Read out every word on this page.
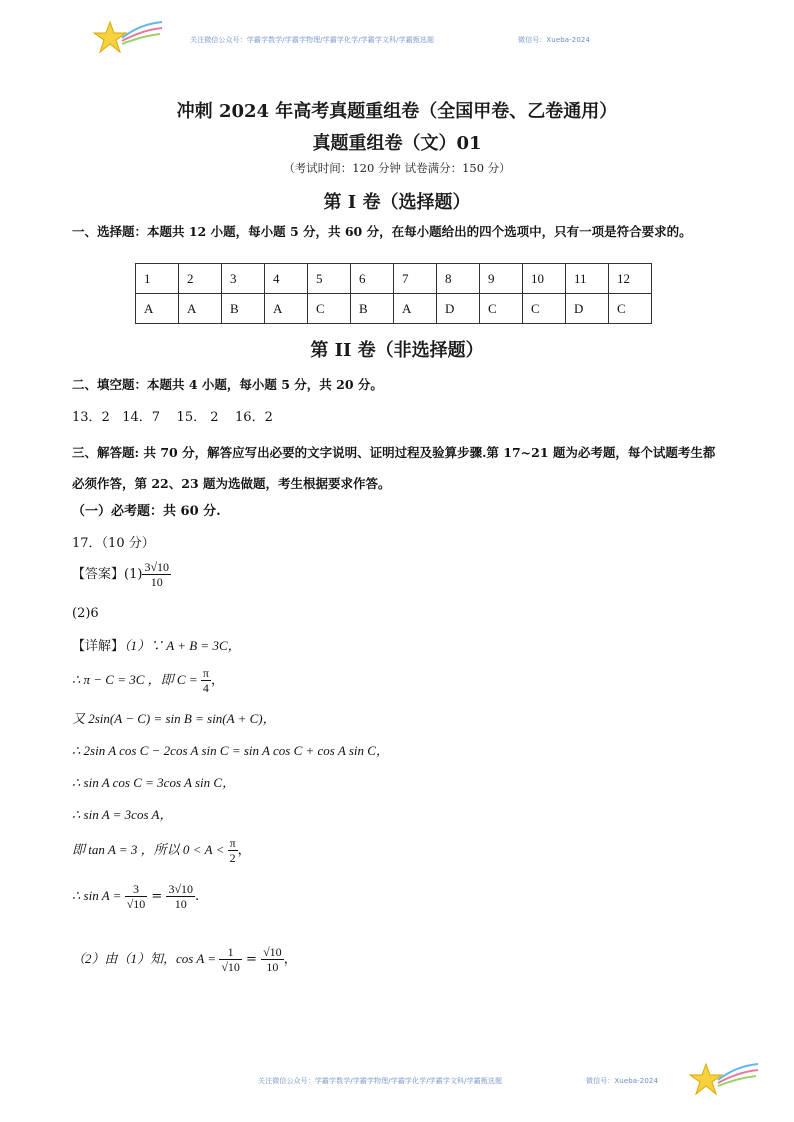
关注微信公众号：学霸学数学/学霸学物理/学霸学化学/学霸学文科/学霸甄选题	微信号：Xueba-2024
冲刺 2024 年高考真题重组卷（全国甲卷、乙卷通用）
真题重组卷（文）01
（考试时间：120 分钟 试卷满分：150 分）
第 I 卷（选择题）
一、选择题：本题共 12 小题，每小题 5 分，共 60 分，在每小题给出的四个选项中，只有一项是符合要求的。
1	2	3	4	5	6	7	8	9	10	11	12
A	A	B	A	C	B	A	D	C	C	D	C
第 II 卷（非选择题）
二、填空题：本题共 4 小题，每小题 5 分，共 20 分。
13．2   14．7    15． 2    16．2
三、解答题: 共 70 分，解答应写出必要的文字说明、证明过程及验算步骤.第 17~21 题为必考题，每个试题考生都必须作答，第 22、23 题为选做题，考生根据要求作答。
（一）必考题：共 60 分.
17．（10 分）
【答案】$(1) \frac{3√10}{10}$
(2)6
【详解】（1）∵ A + B = 3C，
∴ π − C = 3C ，即 $C = \frac{\pi}{4}$ ，
又 2sin(A − C) = sin B = sin(A + C)，
∴ 2sin A cos C − 2cos A sin C = sin A cos C + cos A sin C，
∴ sin A cos C = 3cos A sin C，
∴ sin A = 3cos A，
即 tan A = 3 ，所以 $0 < A < \frac{\pi}{2}$ ，
∴ $\sin A = \frac{3}{√10} = \frac{3√10}{10}$ .
（2）由（1）知，$\cos A = \frac{1}{√10} = \frac{√10}{10}$ ，
关注微信公众号：学霸学数学/学霸学物理/学霸学化学/学霸学文科/学霸甄选题	微信号：Xueba-2024
